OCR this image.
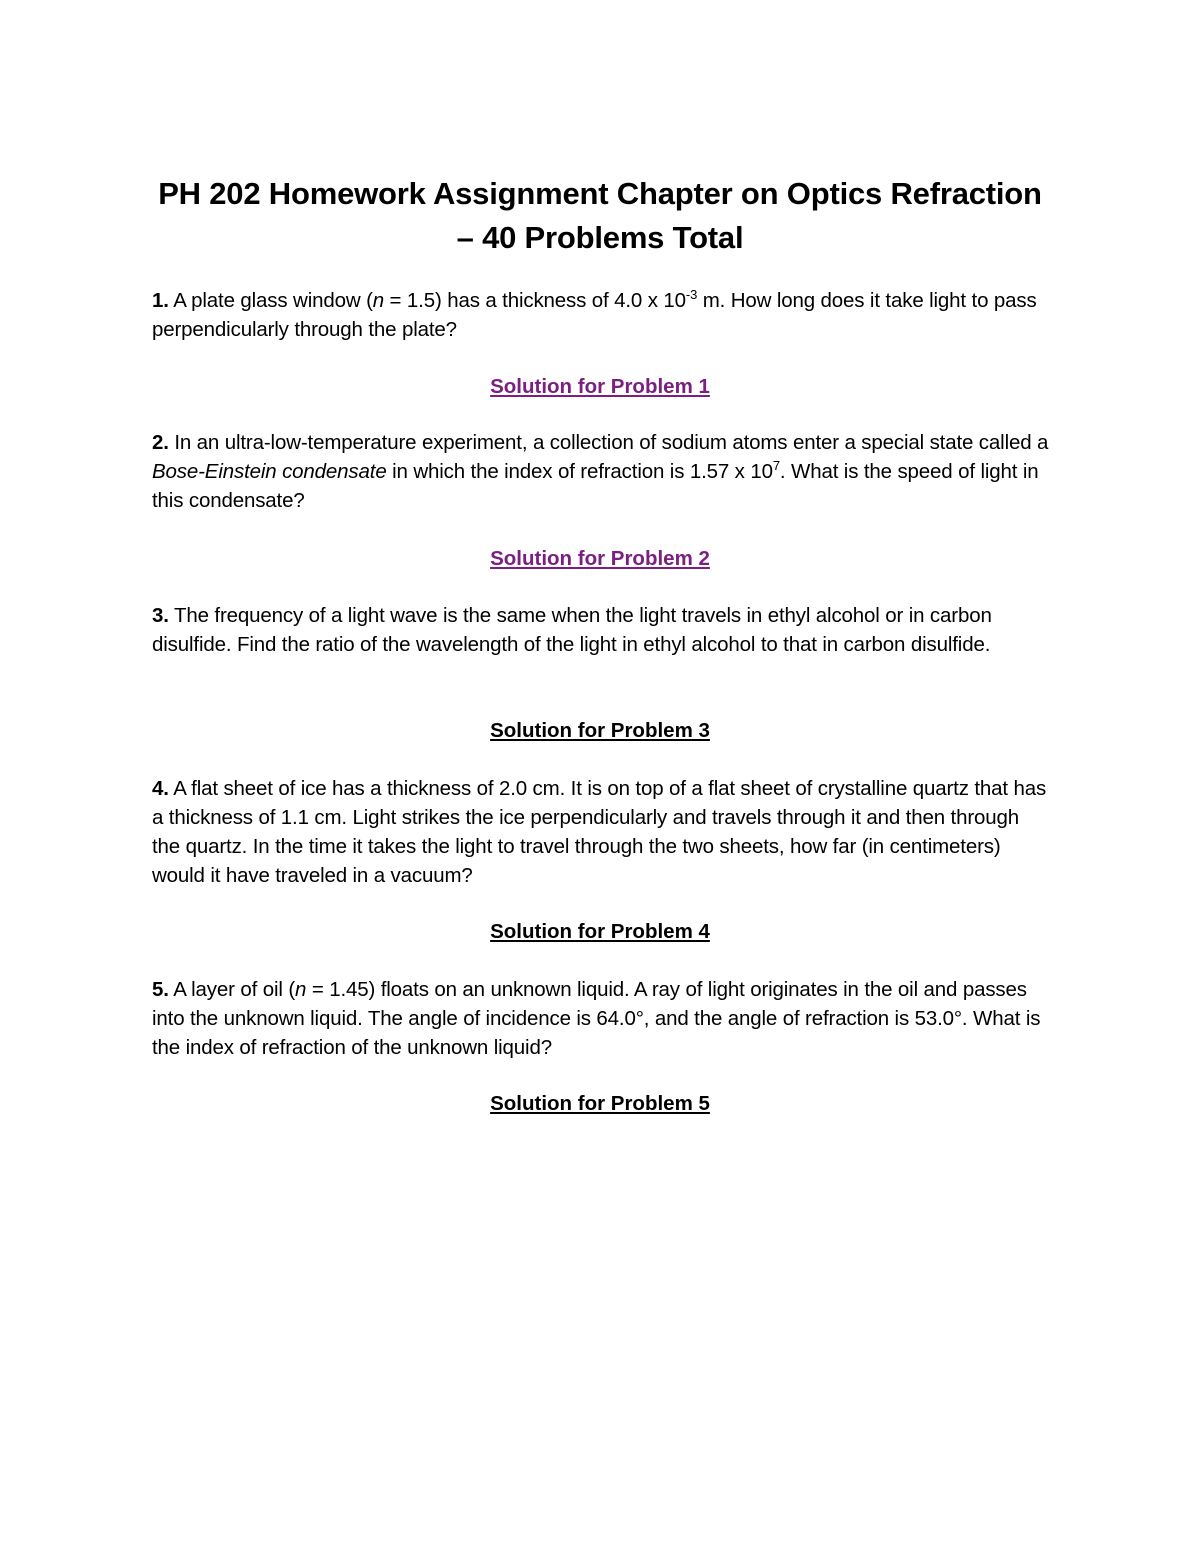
PH 202 Homework Assignment Chapter on Optics Refraction
– 40 Problems Total
1. A plate glass window (n = 1.5) has a thickness of 4.0 x $10^{-3}$ m. How long does it take light to pass perpendicularly through the plate?
Solution for Problem 1
2. In an ultra-low-temperature experiment, a collection of sodium atoms enter a special state called a Bose-Einstein condensate in which the index of refraction is 1.57 x $10^7$. What is the speed of light in this condensate?
Solution for Problem 2
3. The frequency of a light wave is the same when the light travels in ethyl alcohol or in carbon disulfide. Find the ratio of the wavelength of the light in ethyl alcohol to that in carbon disulfide.
Solution for Problem 3
4. A flat sheet of ice has a thickness of 2.0 cm. It is on top of a flat sheet of crystalline quartz that has a thickness of 1.1 cm. Light strikes the ice perpendicularly and travels through it and then through the quartz. In the time it takes the light to travel through the two sheets, how far (in centimeters) would it have traveled in a vacuum?
Solution for Problem 4
5. A layer of oil (n = 1.45) floats on an unknown liquid. A ray of light originates in the oil and passes into the unknown liquid. The angle of incidence is 64.0°, and the angle of refraction is 53.0°. What is the index of refraction of the unknown liquid?
Solution for Problem 5
